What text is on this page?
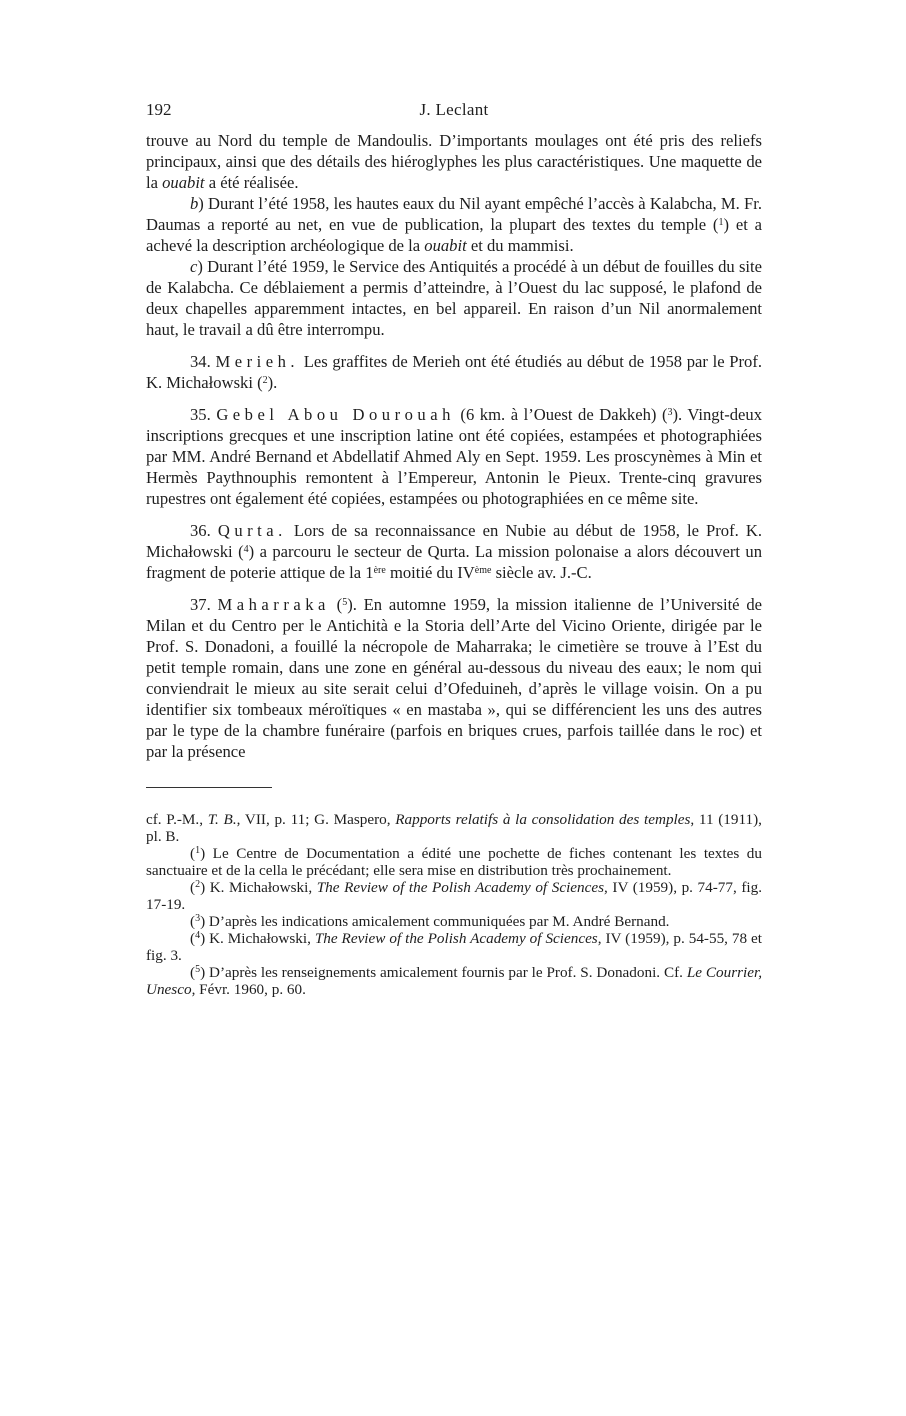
192	J. Leclant

trouve au Nord du temple de Mandoulis. D’importants moulages ont été pris des reliefs principaux, ainsi que des détails des hiéroglyphes les plus caractéristiques. Une maquette de la ouabit a été réalisée.

b) Durant l’été 1958, les hautes eaux du Nil ayant empêché l’accès à Kalabcha, M. Fr. Daumas a reporté au net, en vue de publication, la plupart des textes du temple ($^1$) et a achevé la description archéologique de la ouabit et du mammisi.

c) Durant l’été 1959, le Service des Antiquités a procédé à un début de fouilles du site de Kalabcha. Ce déblaiement a permis d’atteindre, à l’Ouest du lac supposé, le plafond de deux chapelles apparemment intactes, en bel appareil. En raison d’un Nil anormalement haut, le travail a dû être interrompu.

34. Merieh. Les graffites de Merieh ont été étudiés au début de 1958 par le Prof. K. Michałowski ($^2$).

35. Gebel Abou Dourouah (6 km. à l’Ouest de Dakkeh) ($^3$). Vingt-deux inscriptions grecques et une inscription latine ont été copiées, estampées et photographiées par MM. André Bernand et Abdellatif Ahmed Aly en Sept. 1959. Les proscynèmes à Min et Hermès Paythnouphis remontent à l’Empereur, Antonin le Pieux. Trente-cinq gravures rupestres ont également été copiées, estampées ou photographiées en ce même site.

36. Qurta. Lors de sa reconnaissance en Nubie au début de 1958, le Prof. K. Michałowski ($^4$) a parcouru le secteur de Qurta. La mission polonaise a alors découvert un fragment de poterie attique de la 1ère moitié du IVème siècle av. J.-C.

37. Maharraka ($^5$). En automne 1959, la mission italienne de l’Université de Milan et du Centro per le Antichità e la Storia dell’Arte del Vicino Oriente, dirigée par le Prof. S. Donadoni, a fouillé la nécropole de Maharraka; le cimetière se trouve à l’Est du petit temple romain, dans une zone en général au-dessous du niveau des eaux; le nom qui conviendrait le mieux au site serait celui d’Ofeduineh, d’après le village voisin. On a pu identifier six tombeaux méroïtiques « en mastaba », qui se différencient les uns des autres par le type de la chambre funéraire (parfois en briques crues, parfois taillée dans le roc) et par la présence

cf. P.-M., T. B., VII, p. 11; G. Maspero, Rapports relatifs à la consolidation des temples, 11 (1911), pl. B.

($^1$) Le Centre de Documentation a édité une pochette de fiches contenant les textes du sanctuaire et de la cella le précédant; elle sera mise en distribution très prochainement.

($^2$) K. Michałowski, The Review of the Polish Academy of Sciences, IV (1959), p. 74-77, fig. 17-19.

($^3$) D’après les indications amicalement communiquées par M. André Bernand.

($^4$) K. Michałowski, The Review of the Polish Academy of Sciences, IV (1959), p. 54-55, 78 et fig. 3.

($^5$) D’après les renseignements amicalement fournis par le Prof. S. Donadoni. Cf. Le Courrier, Unesco, Févr. 1960, p. 60.
